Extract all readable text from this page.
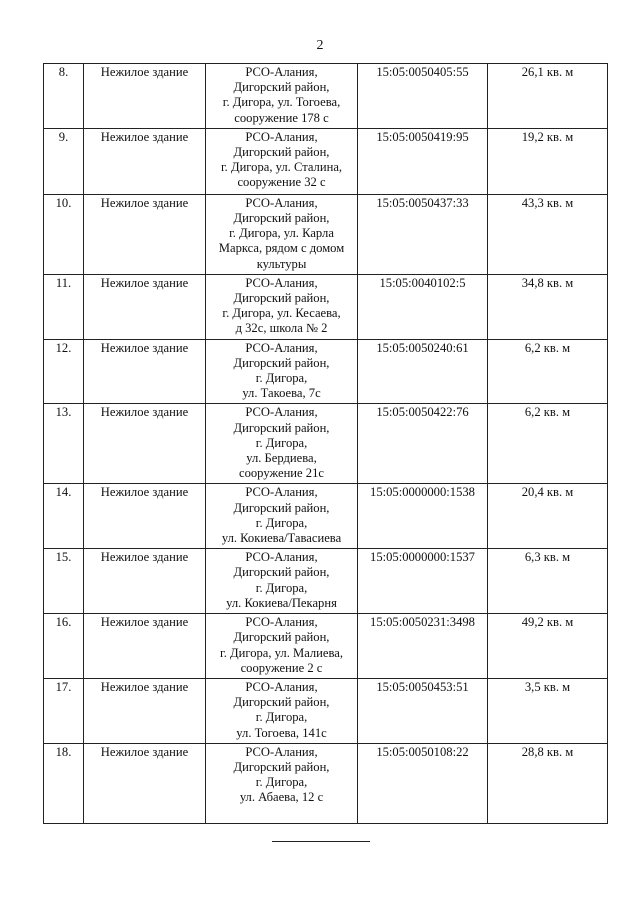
2
8.	Нежилое здание	РСО-Алания,
Дигорский район,
г. Дигора, ул. Тогоева,
сооружение 178 с	15:05:0050405:55	26,1 кв. м
9.	Нежилое здание	РСО-Алания,
Дигорский район,
г. Дигора, ул. Сталина,
сооружение 32 с	15:05:0050419:95	19,2 кв. м
10.	Нежилое здание	РСО-Алания,
Дигорский район,
г. Дигора, ул. Карла
Маркса, рядом с домом
культуры	15:05:0050437:33	43,3 кв. м
11.	Нежилое здание	РСО-Алания,
Дигорский район,
г. Дигора, ул. Кесаева,
д 32с, школа № 2	15:05:0040102:5	34,8 кв. м
12.	Нежилое здание	РСО-Алания,
Дигорский район,
г. Дигора,
ул. Такоева, 7с	15:05:0050240:61	6,2 кв. м
13.	Нежилое здание	РСО-Алания,
Дигорский район,
г. Дигора,
ул. Бердиева,
сооружение 21с	15:05:0050422:76	6,2 кв. м
14.	Нежилое здание	РСО-Алания,
Дигорский район,
г. Дигора,
ул. Кокиева/Тавасиева	15:05:0000000:1538	20,4 кв. м
15.	Нежилое здание	РСО-Алания,
Дигорский район,
г. Дигора,
ул. Кокиева/Пекарня	15:05:0000000:1537	6,3 кв. м
16.	Нежилое здание	РСО-Алания,
Дигорский район,
г. Дигора, ул. Малиева,
сооружение 2 с	15:05:0050231:3498	49,2 кв. м
17.	Нежилое здание	РСО-Алания,
Дигорский район,
г. Дигора,
ул. Тогоева, 141с	15:05:0050453:51	3,5 кв. м
18.	Нежилое здание	РСО-Алания,
Дигорский район,
г. Дигора,
ул. Абаева, 12 с	15:05:0050108:22	28,8 кв. м
